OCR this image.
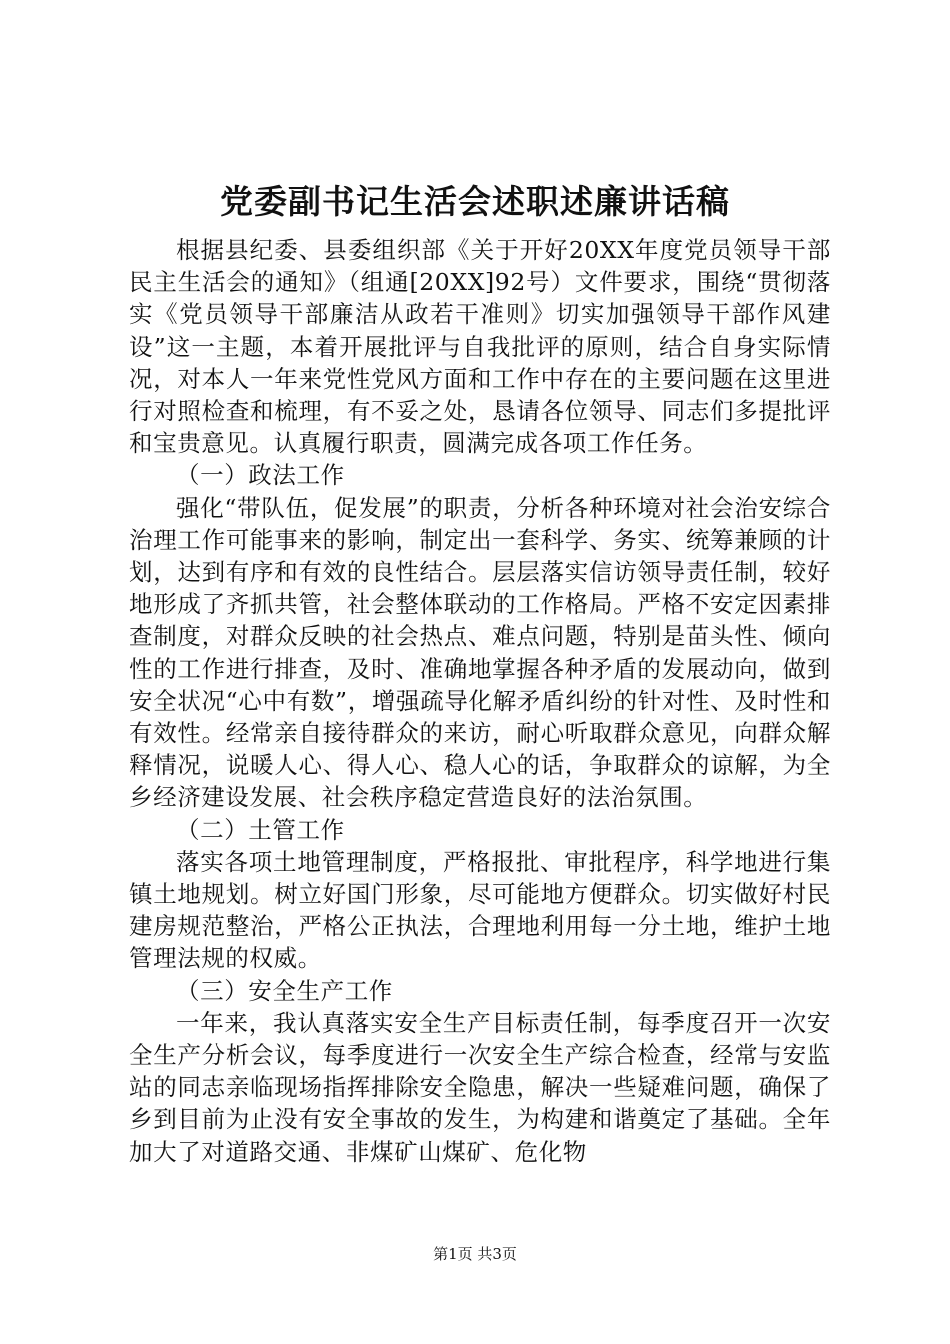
党委副书记生活会述职述廉讲话稿

根据县纪委、县委组织部《关于开好20XX年度党员领导干部民主生活会的通知》（组通[20XX]92号）文件要求，围绕“贯彻落实《党员领导干部廉洁从政若干准则》切实加强领导干部作风建设”这一主题，本着开展批评与自我批评的原则，结合自身实际情况，对本人一年来党性党风方面和工作中存在的主要问题在这里进行对照检查和梳理，有不妥之处，恳请各位领导、同志们多提批评和宝贵意见。认真履行职责，圆满完成各项工作任务。

（一）政法工作

强化“带队伍，促发展”的职责，分析各种环境对社会治安综合治理工作可能事来的影响，制定出一套科学、务实、统筹兼顾的计划，达到有序和有效的良性结合。层层落实信访领导责任制，较好地形成了齐抓共管，社会整体联动的工作格局。严格不安定因素排查制度，对群众反映的社会热点、难点问题，特别是苗头性、倾向性的工作进行排查，及时、准确地掌握各种矛盾的发展动向，做到安全状况“心中有数”，增强疏导化解矛盾纠纷的针对性、及时性和有效性。经常亲自接待群众的来访，耐心听取群众意见，向群众解释情况，说暖人心、得人心、稳人心的话，争取群众的谅解，为全乡经济建设发展、社会秩序稳定营造良好的法治氛围。

（二）土管工作

落实各项土地管理制度，严格报批、审批程序，科学地进行集镇土地规划。树立好国门形象，尽可能地方便群众。切实做好村民建房规范整治，严格公正执法，合理地利用每一分土地，维护土地管理法规的权威。

（三）安全生产工作

一年来，我认真落实安全生产目标责任制，每季度召开一次安全生产分析会议，每季度进行一次安全生产综合检查，经常与安监站的同志亲临现场指挥排除安全隐患，解决一些疑难问题，确保了乡到目前为止没有安全事故的发生，为构建和谐奠定了基础。全年加大了对道路交通、非煤矿山煤矿、危化物

第1页 共3页
